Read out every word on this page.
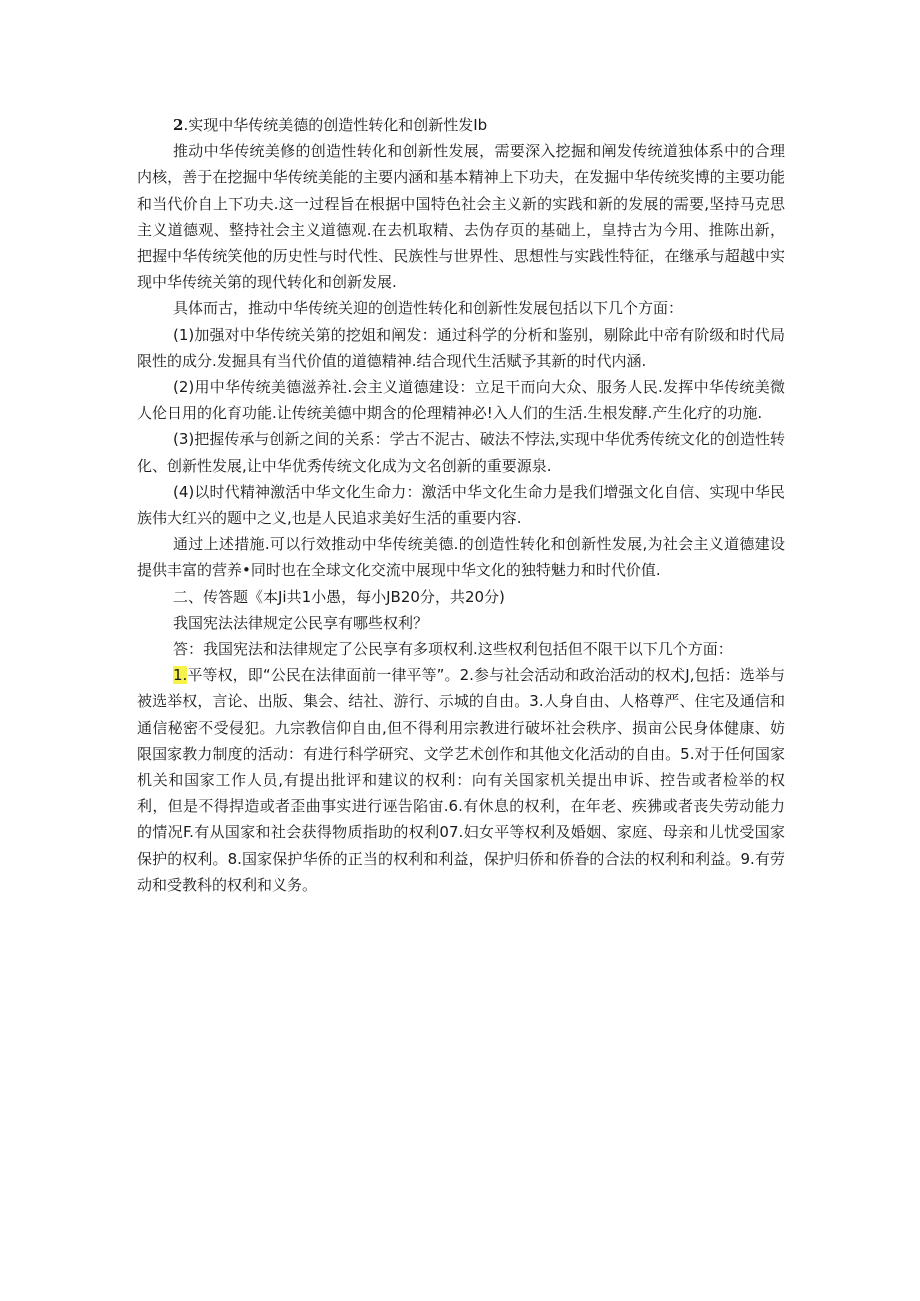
2.实现中华传统美德的创造性转化和创新性发Ib

推动中华传统美修的创造性转化和创新性发展，需要深入挖掘和阐发传统道独体系中的合理内核，善于在挖掘中华传统美能的主要内涵和基本精神上下功夫，在发掘中华传统奖博的主要功能和当代价自上下功夫.这一过程旨在根据中国特色社会主义新的实践和新的发展的需要,坚持马克思主义道德观、整持社会主义道德观.在去机取精、去伪存页的基础上，皇持古为今用、推陈出新，把握中华传统笑他的历史性与时代性、民族性与世界性、思想性与实践性特征，在继承与超越中实现中华传统关第的现代转化和创新发展.

具体而古，推动中华传统关迎的创造性转化和创新性发展包括以下几个方面：

(1)加强对中华传统关第的挖姐和阐发：通过科学的分析和鉴别，剔除此中帝有阶级和时代局限性的成分.发掘具有当代价值的道德精神.结合现代生活赋予其新的时代内涵.

(2)用中华传统美德滋养社.会主义道德建设：立足干而向大众、服务人民.发挥中华传统美微人伦日用的化育功能.让传统美德中期含的伦理精神必!入人们的生活.生根发酵.产生化疗的功施.

(3)把握传承与创新之间的关系：学古不泥古、破法不悖法,实现中华优秀传统文化的创造性转化、创新性发展,让中华优秀传统文化成为文名创新的重要源泉.

(4)以时代精神激活中华文化生命力：激活中华文化生命力是我们增强文化自信、实现中华民族伟大红兴的题中之义,也是人民追求美好生活的重要内容.

通过上述措施.可以行效推动中华传统美德.的创造性转化和创新性发展,为社会主义道德建设提供丰富的营养•同时也在全球文化交流中展现中华文化的独特魅力和时代价值.

二、传答题《本Ji共1小愚，每小JB20分，共20分)

我国宪法法律规定公民享有哪些权利？

答：我国宪法和法律规定了公民享有多项权利.这些权利包括但不限干以下几个方面：

1.平等权，即“公民在法律面前一律平等”。2.参与社会活动和政治活动的权术J,包括：选举与被选举权，言论、出版、集会、结社、游行、示城的自由。3.人身自由、人格尊严、住宅及通信和通信秘密不受侵犯。九宗教信仰自由,但不得利用宗教进行破坏社会秩序、损亩公民身体健康、妨限国家教力制度的活动：有进行科学研究、文学艺术创作和其他文化活动的自由。5.对于任何国家机关和国家工作人员,有提出批评和建议的权利：向有关国家机关提出申诉、控告或者检举的权利，但是不得捍造或者歪曲事实进行诬告陷宙.6.有休息的权利，在年老、疾狒或者丧失劳动能力的情况F.有从国家和社会获得物质指助的权利07.妇女平等权利及婚姻、家庭、母亲和儿忧受国家保护的权利。8.国家保护华侨的正当的权利和利益，保护归侨和侨眷的合法的权利和利益。9.有劳动和受教科的权利和义务。
